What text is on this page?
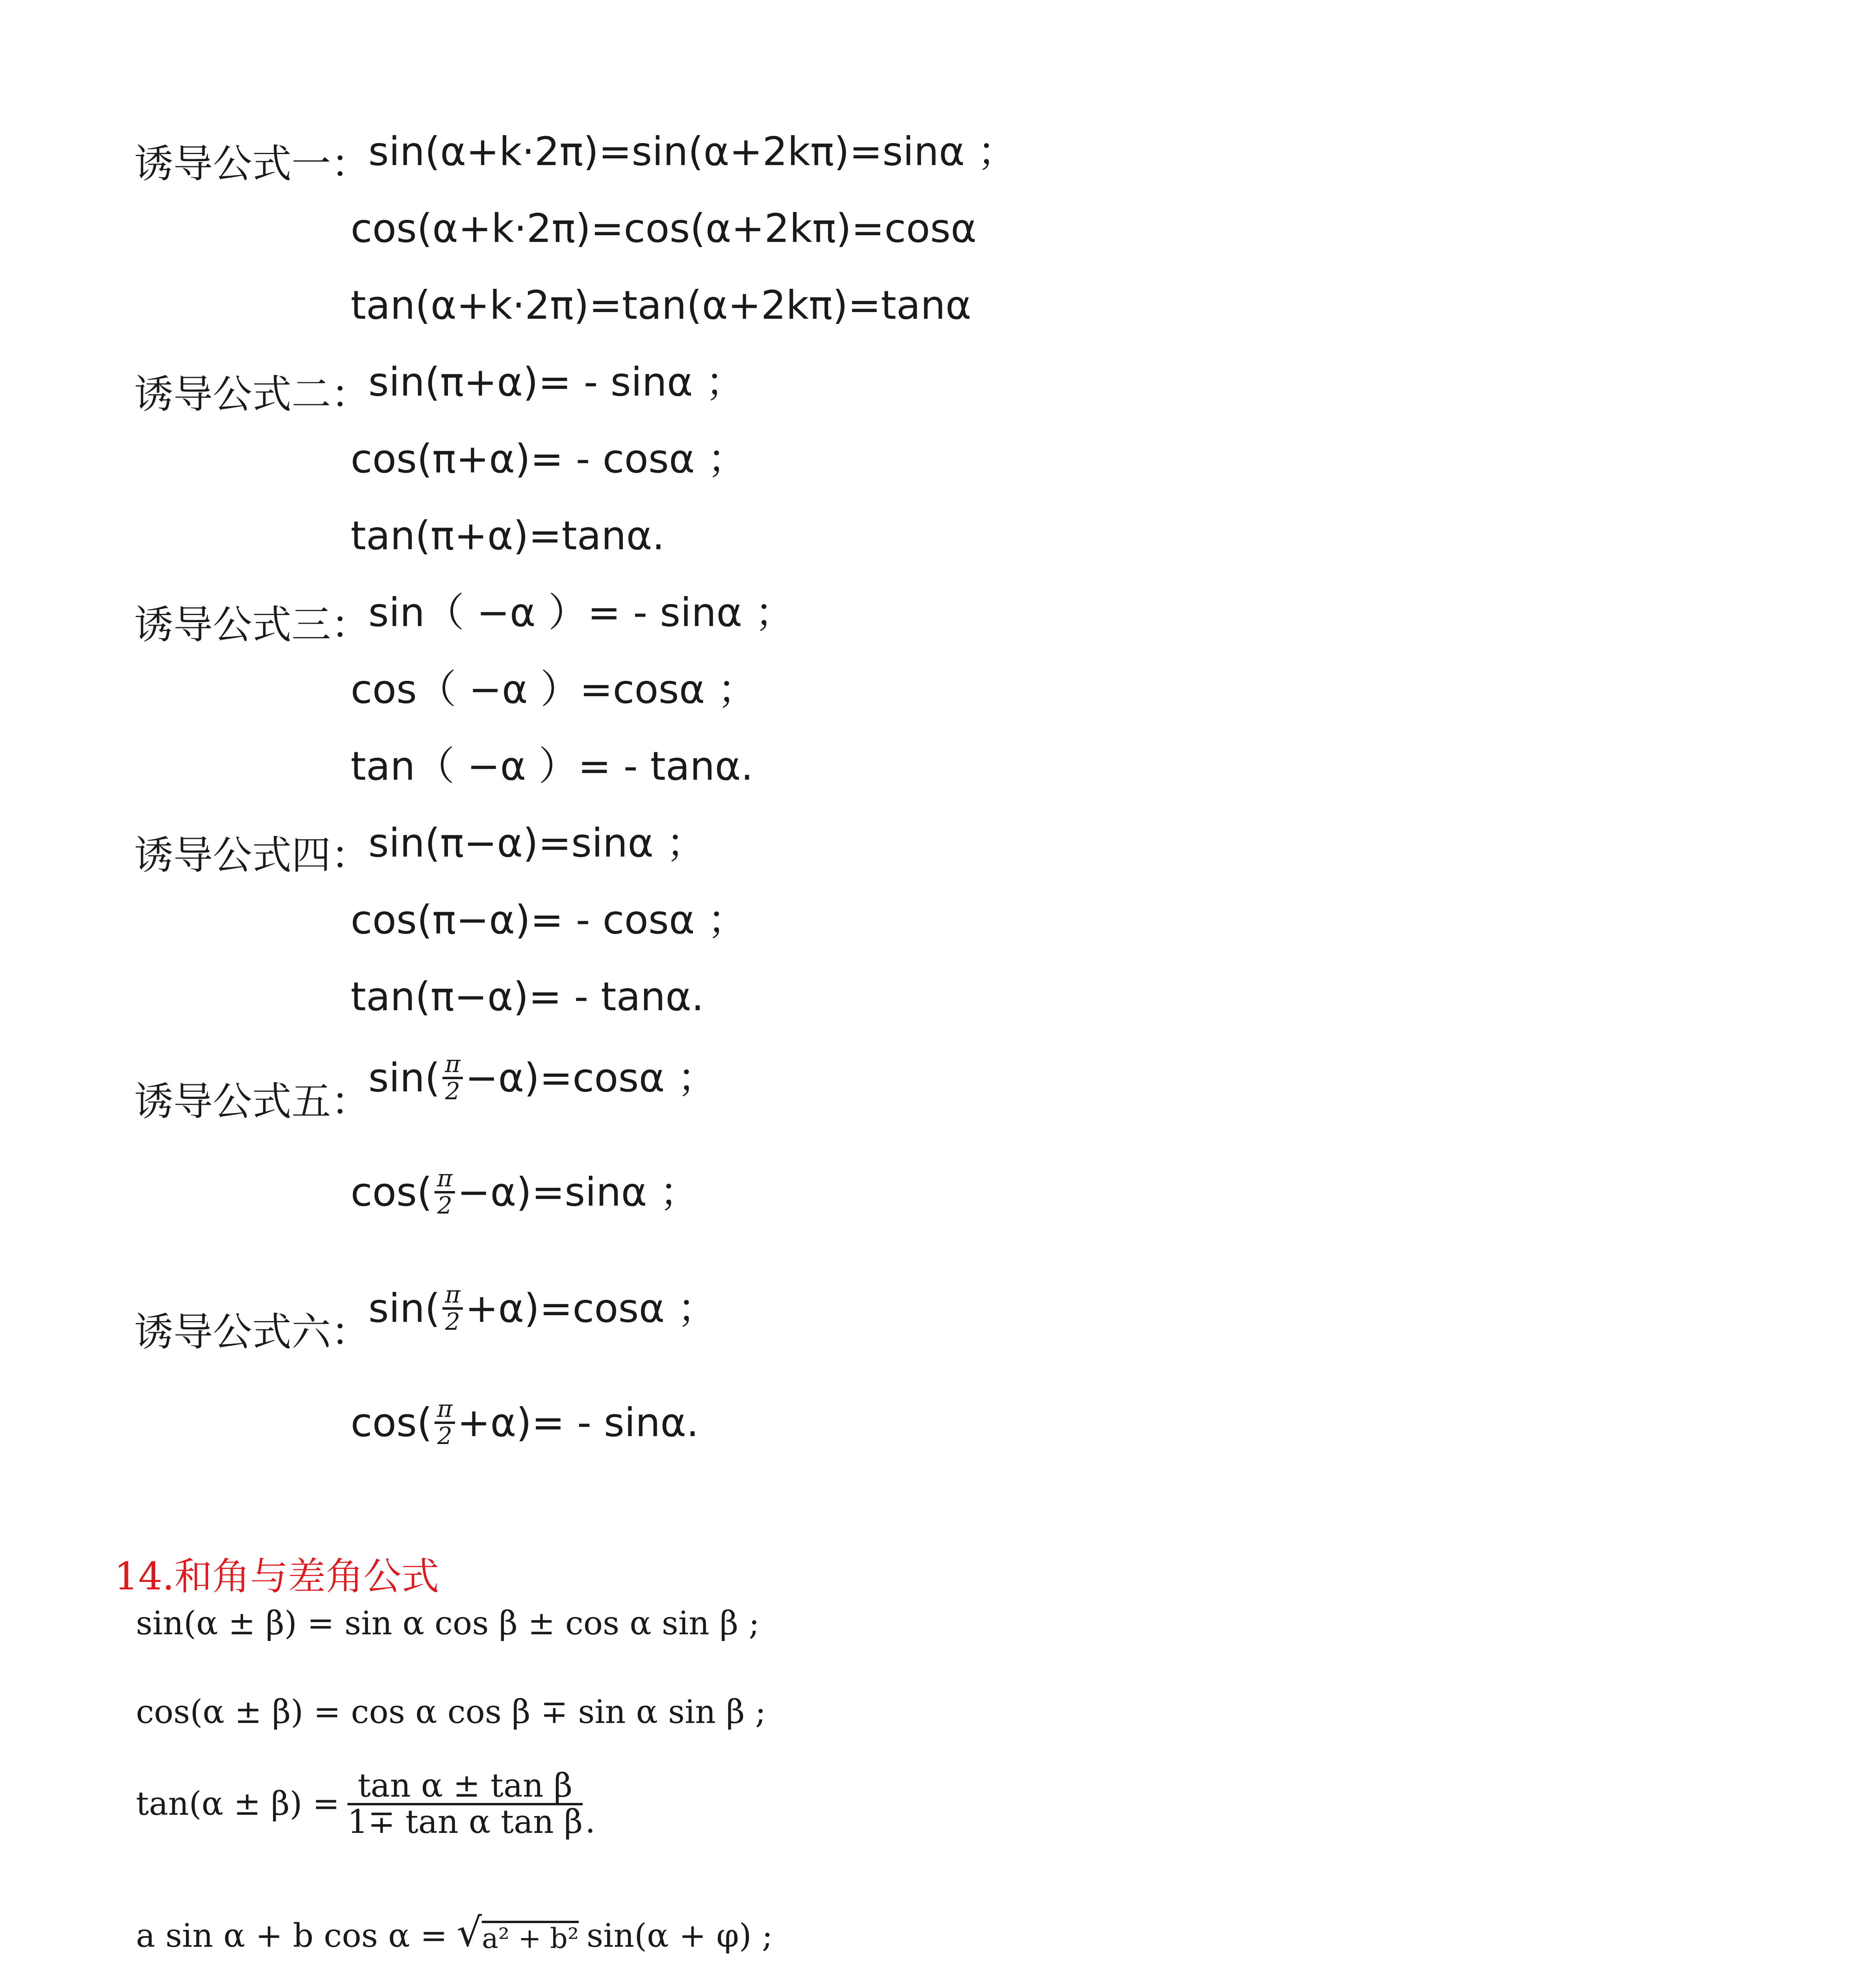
诱导公式一：
sin(α+k·2π)=sin(α+2kπ)=sinα ；
cos(α+k·2π)=cos(α+2kπ)=cosα
tan(α+k·2π)=tan(α+2kπ)=tanα
诱导公式二：
sin(π+α)= - sinα ；
cos(π+α)= - cosα ；
tan(π+α)=tanα.
诱导公式三：
sin（ −α ）= - sinα ；
cos（ −α ）=cosα ；
tan（ −α ）= - tanα.
诱导公式四：
sin(π−α)=sinα ；
cos(π−α)= - cosα ；
tan(π−α)= - tanα.
诱导公式五：
$\sin( \frac{\pi}{2} -\alpha)=\cos\alpha$ ；
$\cos( \frac{\pi}{2} -\alpha)=\sin\alpha$ ；
诱导公式六：
$\sin( \frac{\pi}{2} +\alpha)=\cos\alpha$ ；
$\cos( \frac{\pi}{2} +\alpha)= - \sin\alpha$.
14.和角与差角公式
sin(α ± β) = sin α cos β ± cos α sin β ;
cos(α ± β) = cos α cos β ∓ sin α sin β ;
$\tan(\alpha \pm \beta) = \frac{\text{tan α ± tan β}}{\text{1∓ tan α tan β}}$ .
a sin α + b cos α = √ a² + b² sin(α + φ) ;
